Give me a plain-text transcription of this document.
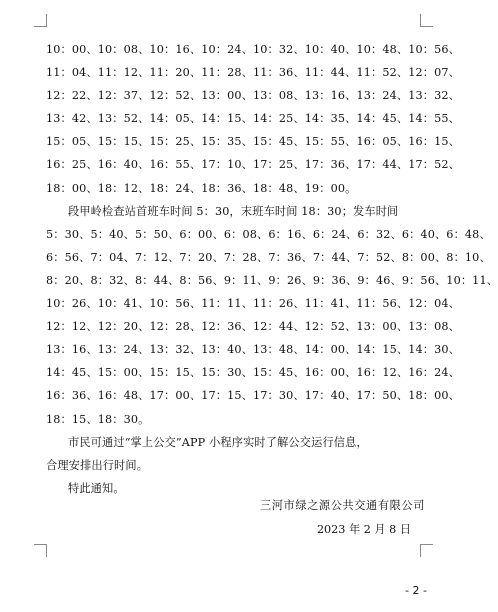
10：00、10：08、10：16、10：24、10：32、10：40、10：48、10：56、
11：04、11：12、11：20、11：28、11：36、11：44、11：52、12：07、
12：22、12：37、12：52、13：00、13：08、13：16、13：24、13：32、
13：42、13：52、14：05、14：15、14：25、14：35、14：45、14：55、
15：05、15：15、15：25、15：35、15：45、15：55、16：05、16：15、
16：25、16：40、16：55、17：10、17：25、17：36、17：44、17：52、
18：00、18：12、18：24、18：36、18：48、19：00。
段甲岭检查站首班车时间 5：30，末班车时间 18：30；发车时间
5：30、5：40、5：50、6：00、6：08、6：16、6：24、6：32、6：40、6：48、
6：56、7：04、7：12、7：20、7：28、7：36、7：44、7：52、8：00、8：10、
8：20、8：32、8：44、8：56、9：11、9：26、9：36、9：46、9：56、10：11、
10：26、10：41、10：56、11：11、11：26、11：41、11：56、12：04、
12：12、12：20、12：28、12：36、12：44、12：52、13：00、13：08、
13：16、13：24、13：32、13：40、13：48、14：00、14：15、14：30、
14：45、15：00、15：15、15：30、15：45、16：00、16：12、16：24、
16：36、16：48、17：00、17：15、17：30、17：40、17：50、18：00、
18：15、18：30。
市民可通过“掌上公交”APP 小程序实时了解公交运行信息，
合理安排出行时间。
特此通知。
三河市绿之源公共交通有限公司
2023 年 2 月 8 日
- 2 -
